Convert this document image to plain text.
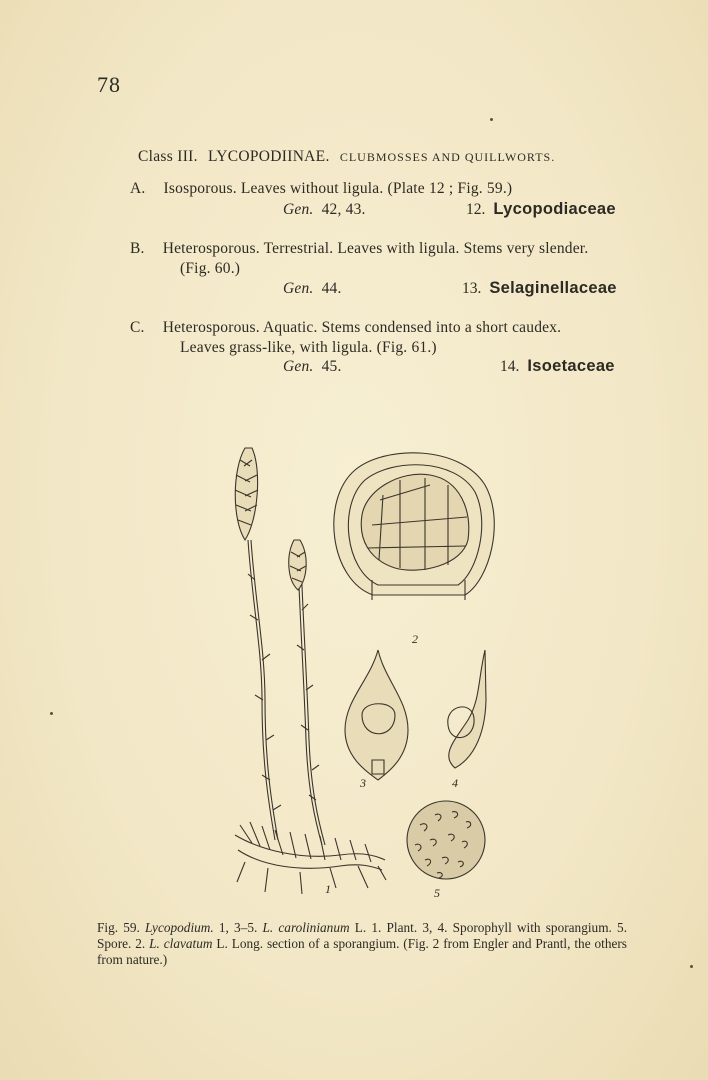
78
Class III. LYCOPODIINAE. CLUBMOSSES AND QUILLWORTS.
A. Isosporous. Leaves without ligula. (Plate 12 ; Fig. 59.)
Gen. 42, 43.	12. Lycopodiaceae
B. Heterosporous. Terrestrial. Leaves with ligula. Stems very slender.
(Fig. 60.)
Gen. 44.	13. Selaginellaceae
C. Heterosporous. Aquatic. Stems condensed into a short caudex.
Leaves grass-like, with ligula. (Fig. 61.)
Gen. 45.	14. Isoetaceae
1
2
3	4
5
Fig. 59. Lycopodium. 1, 3–5. L. carolinianum L. 1. Plant. 3, 4. Sporophyll with sporangium. 5. Spore. 2. L. clavatum L. Long. section of a sporangium. (Fig. 2 from Engler and Prantl, the others from nature.)
